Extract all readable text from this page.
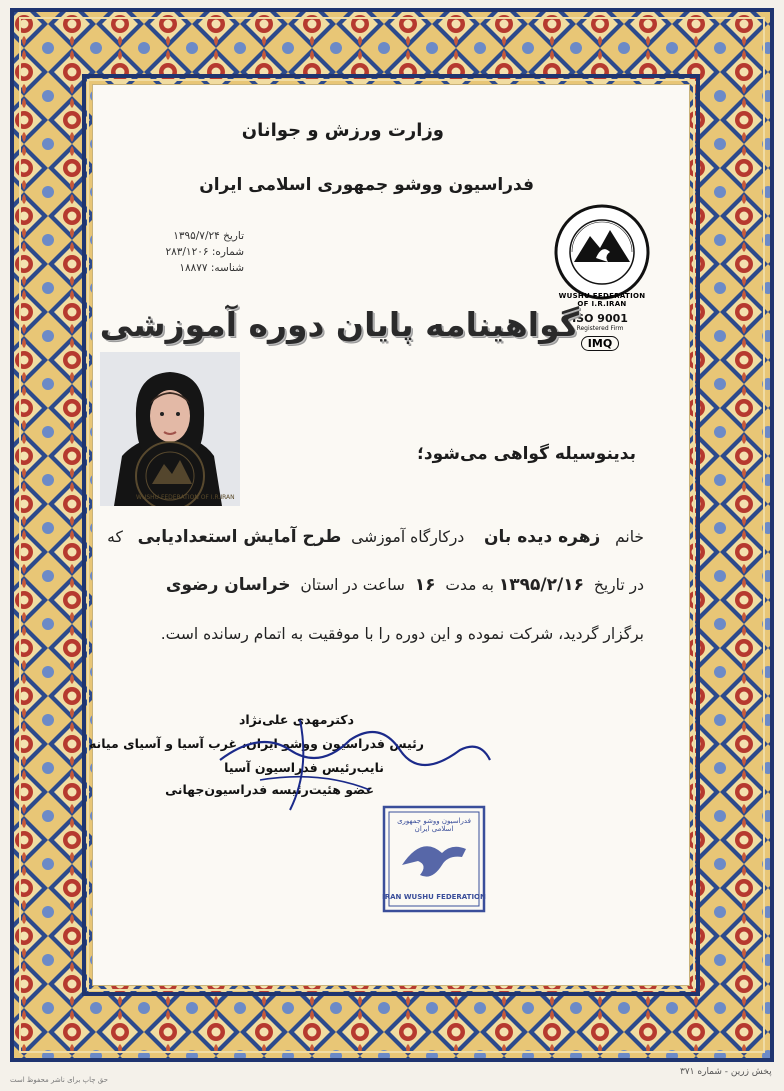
وزارت ورزش و جوانان
فدراسیون ووشو جمهوری اسلامی ایران
تاریخ ۱۳۹۵/۷/۲۴
شماره: ۲۸۳/۱۲۰۶
شناسه: ۱۸۸۷۷
WUSHU FEDERATION OF I.R.IRAN
ISO 9001
Registered Firm
IMQ
گواهینامه پایان دوره آموزشی
WUSHU FEDERATION OF I.R.IRAN
بدینوسیله گواهی می‌شود؛
خانم   زهره دیده بان    درکارگاه آموزشی  طرح آمایش استعدادیابی   که
در تاریخ  ۱۳۹۵/۲/۱۶ به مدت  ۱۶  ساعت در استان  خراسان رضوی
برگزار گردید، شرکت نموده و این دوره را با موفقیت به اتمام رسانده است.
دکترمهدی علی‌نژاد
رئیس فدراسیون ووشو ایران، غرب آسیا و آسیای میانه
نایب‌رئیس فدراسیون آسیا
عضو هئیت‌رئیسه فدراسیون‌جهانی
فدراسیون ووشو جمهوری اسلامی ایران
IRAN WUSHU FEDERATION
پخش زرین - شماره ۳۷۱
حق چاپ برای ناشر محفوظ است
